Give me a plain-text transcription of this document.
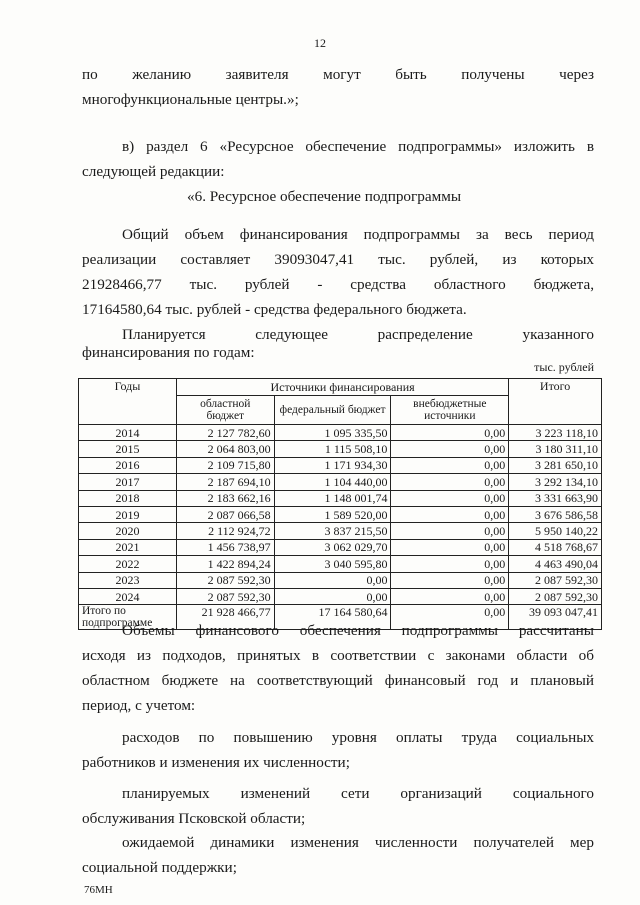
12

по желанию заявителя могут быть получены через

многофункциональные центры.»;

в) раздел 6 «Ресурсное обеспечение подпрограммы» изложить в

следующей редакции:

«6. Ресурсное обеспечение подпрограммы

Общий объем финансирования подпрограммы за весь период

реализации составляет 39093047,41 тыс. рублей, из которых

21928466,77 тыс. рублей - средства областного бюджета,

17164580,64 тыс. рублей - средства федерального бюджета.

Планируется следующее распределение указанного

финансирования по годам:

тыс. рублей
Годы	Источники финансирования			Итого
	областной бюджет	федеральный бюджет	внебюджетные источники	
2014	2 127 782,60	1 095 335,50	0,00	3 223 118,10
2015	2 064 803,00	1 115 508,10	0,00	3 180 311,10
2016	2 109 715,80	1 171 934,30	0,00	3 281 650,10
2017	2 187 694,10	1 104 440,00	0,00	3 292 134,10
2018	2 183 662,16	1 148 001,74	0,00	3 331 663,90
2019	2 087 066,58	1 589 520,00	0,00	3 676 586,58
2020	2 112 924,72	3 837 215,50	0,00	5 950 140,22
2021	1 456 738,97	3 062 029,70	0,00	4 518 768,67
2022	1 422 894,24	3 040 595,80	0,00	4 463 490,04
2023	2 087 592,30	0,00	0,00	2 087 592,30
2024	2 087 592,30	0,00	0,00	2 087 592,30
Итого по подпрограмме	21 928 466,77	17 164 580,64	0,00	39 093 047,41

Объемы финансового обеспечения подпрограммы рассчитаны

исходя из подходов, принятых в соответствии с законами области об

областном бюджете на соответствующий финансовый год и плановый

период, с учетом:

расходов по повышению уровня оплаты труда социальных

работников и изменения их численности;

планируемых изменений сети организаций социального

обслуживания Псковской области;

ожидаемой динамики изменения численности получателей мер

социальной поддержки;

76МН
